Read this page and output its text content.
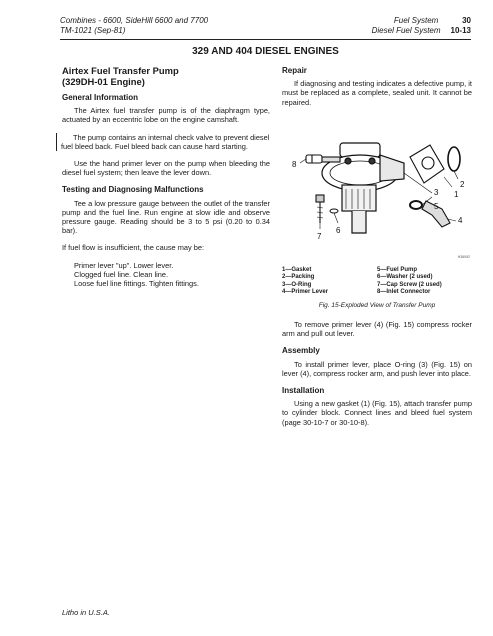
Combines - 6600, SideHill 6600 and 7700
TM-1021 (Sep-81)
Fuel System	30
Diesel Fuel System 10-13
329 AND 404 DIESEL ENGINES
Airtex Fuel Transfer Pump
(329DH-01 Engine)
General Information

The Airtex fuel transfer pump is of the diaphragm type, actuated by an eccentric lobe on the engine camshaft.

The pump contains an internal check valve to prevent diesel fuel bleed back. Fuel bleed back can cause hard starting.

Use the hand primer lever on the pump when bleeding the diesel fuel system; then leave the lever down.

Testing and Diagnosing Malfunctions

Tee a low pressure gauge between the outlet of the transfer pump and the fuel line. Run engine at slow idle and observe pressure gauge. Reading should be 3 to 5 psi (0.20 to 0.34 bar).

If fuel flow is insufficient, the cause may be:

Primer lever "up". Lower lever.
Clogged fuel line. Clean line.
Loose fuel line fittings. Tighten fittings.
Repair

If diagnosing and testing indicates a defective pump, it must be replaced as a complete, sealed unit. It cannot be repaired.

1
2
3
4
5
6
7
8
H36092
1—Gasket
2—Packing
3—O-Ring
4—Primer Lever
5—Fuel Pump
6—Washer (2 used)
7—Cap Screw (2 used)
8—Inlet Connector
Fig. 15-Exploded View of Transfer Pump

To remove primer lever (4) (Fig. 15) compress rocker arm and pull out lever.

Assembly

To install primer lever, place O-ring (3) (Fig. 15) on lever (4), compress rocker arm, and push lever into place.

Installation

Using a new gasket (1) (Fig. 15), attach transfer pump to cylinder block. Connect lines and bleed fuel system (page 30-10-7 or 30-10-8).

Litho in U.S.A.
